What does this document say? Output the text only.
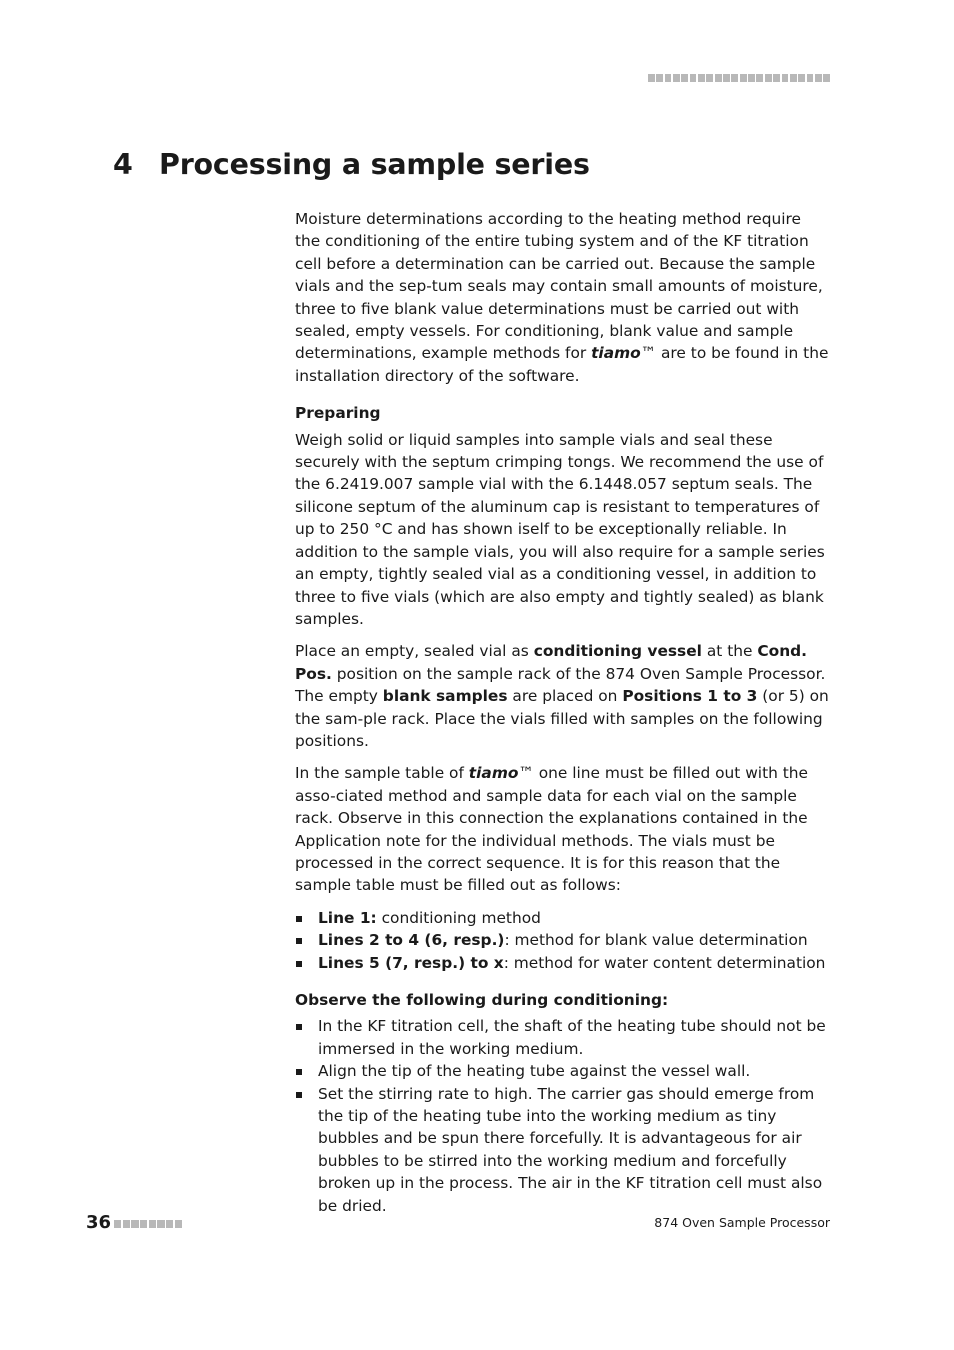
4 Processing a sample series

Moisture determinations according to the heating method require the conditioning of the entire tubing system and of the KF titration cell before a determination can be carried out. Because the sample vials and the sep-tum seals may contain small amounts of moisture, three to five blank value determinations must be carried out with sealed, empty vessels. For conditioning, blank value and sample determinations, example methods for tiamo™ are to be found in the installation directory of the software.

Preparing

Weigh solid or liquid samples into sample vials and seal these securely with the septum crimping tongs. We recommend the use of the 6.2419.007 sample vial with the 6.1448.057 septum seals. The silicone septum of the aluminum cap is resistant to temperatures of up to 250 °C and has shown iself to be exceptionally reliable. In addition to the sample vials, you will also require for a sample series an empty, tightly sealed vial as a conditioning vessel, in addition to three to five vials (which are also empty and tightly sealed) as blank samples.

Place an empty, sealed vial as conditioning vessel at the Cond. Pos. position on the sample rack of the 874 Oven Sample Processor. The empty blank samples are placed on Positions 1 to 3 (or 5) on the sam-ple rack. Place the vials filled with samples on the following positions.

In the sample table of tiamo™ one line must be filled out with the asso-ciated method and sample data for each vial on the sample rack. Observe in this connection the explanations contained in the Application note for the individual methods. The vials must be processed in the correct sequence. It is for this reason that the sample table must be filled out as follows:

Line 1: conditioning method
Lines 2 to 4 (6, resp.): method for blank value determination
Lines 5 (7, resp.) to x: method for water content determination
Observe the following during conditioning:
In the KF titration cell, the shaft of the heating tube should not be immersed in the working medium.
Align the tip of the heating tube against the vessel wall.
Set the stirring rate to high. The carrier gas should emerge from the tip of the heating tube into the working medium as tiny bubbles and be spun there forcefully. It is advantageous for air bubbles to be stirred into the working medium and forcefully broken up in the process. The air in the KF titration cell must also be dried.
36	874 Oven Sample Processor
